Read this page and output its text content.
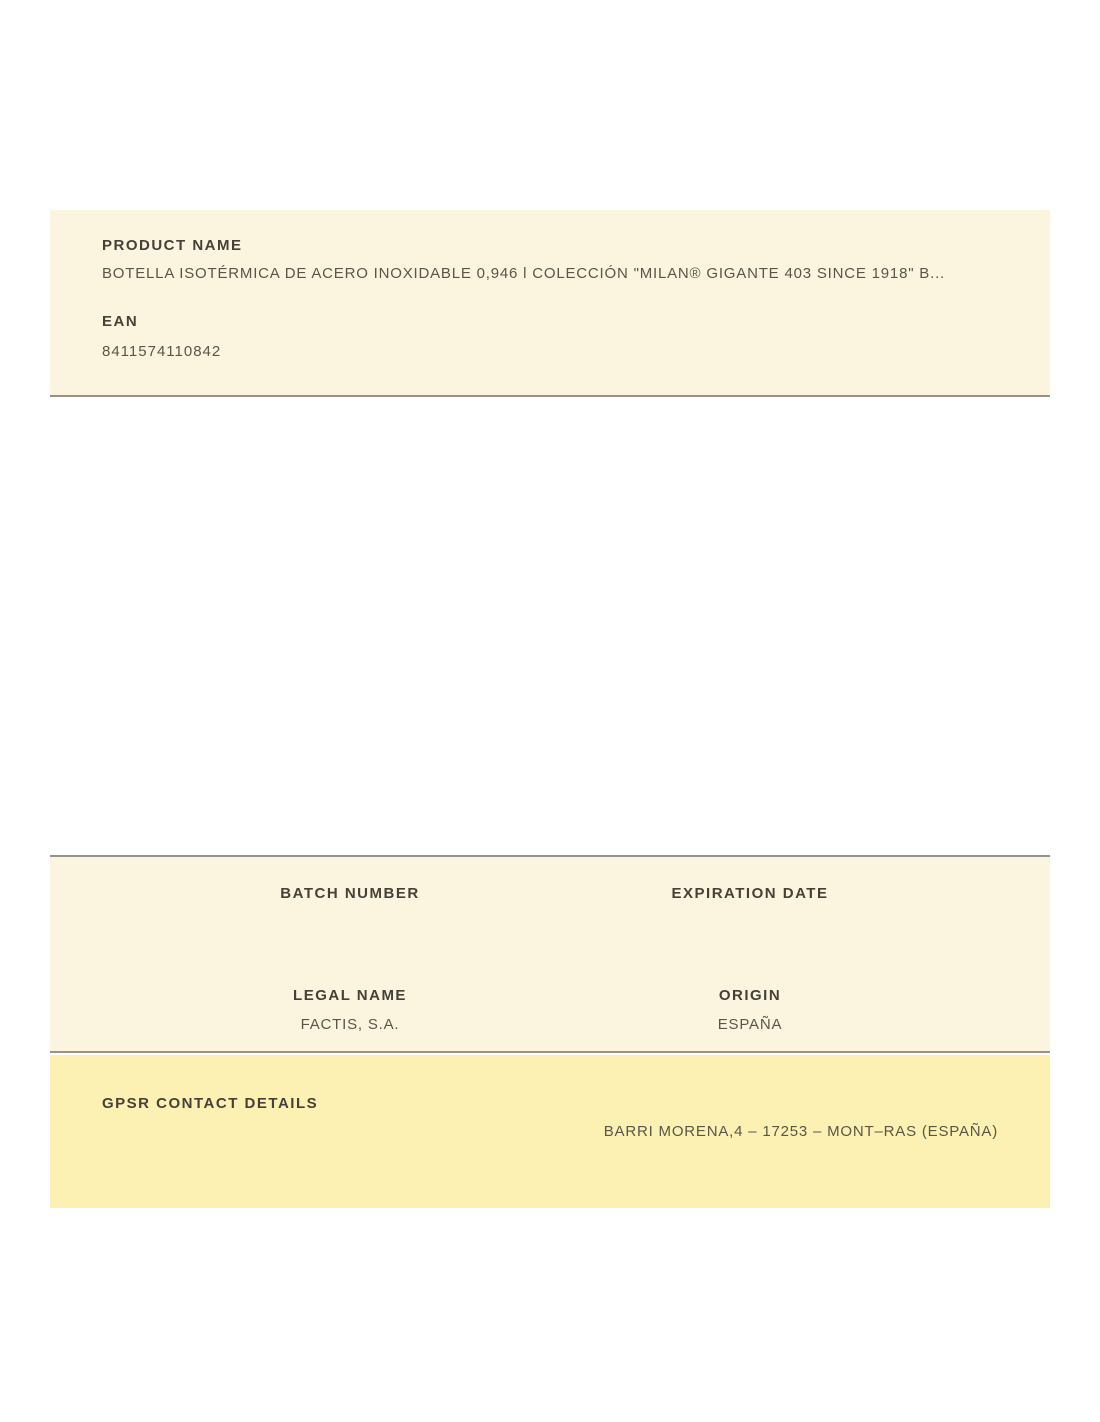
PRODUCT NAME
BOTELLA ISOTÉRMICA DE ACERO INOXIDABLE 0,946 l COLECCIÓN "MILAN® GIGANTE 403 SINCE 1918" B...
EAN
8411574110842
BATCH NUMBER	EXPIRATION DATE
LEGAL NAME
FACTIS, S.A.
ORIGIN
ESPAÑA
GPSR CONTACT DETAILS
BARRI MORENA,4 – 17253 – MONT–RAS (ESPAÑA)
